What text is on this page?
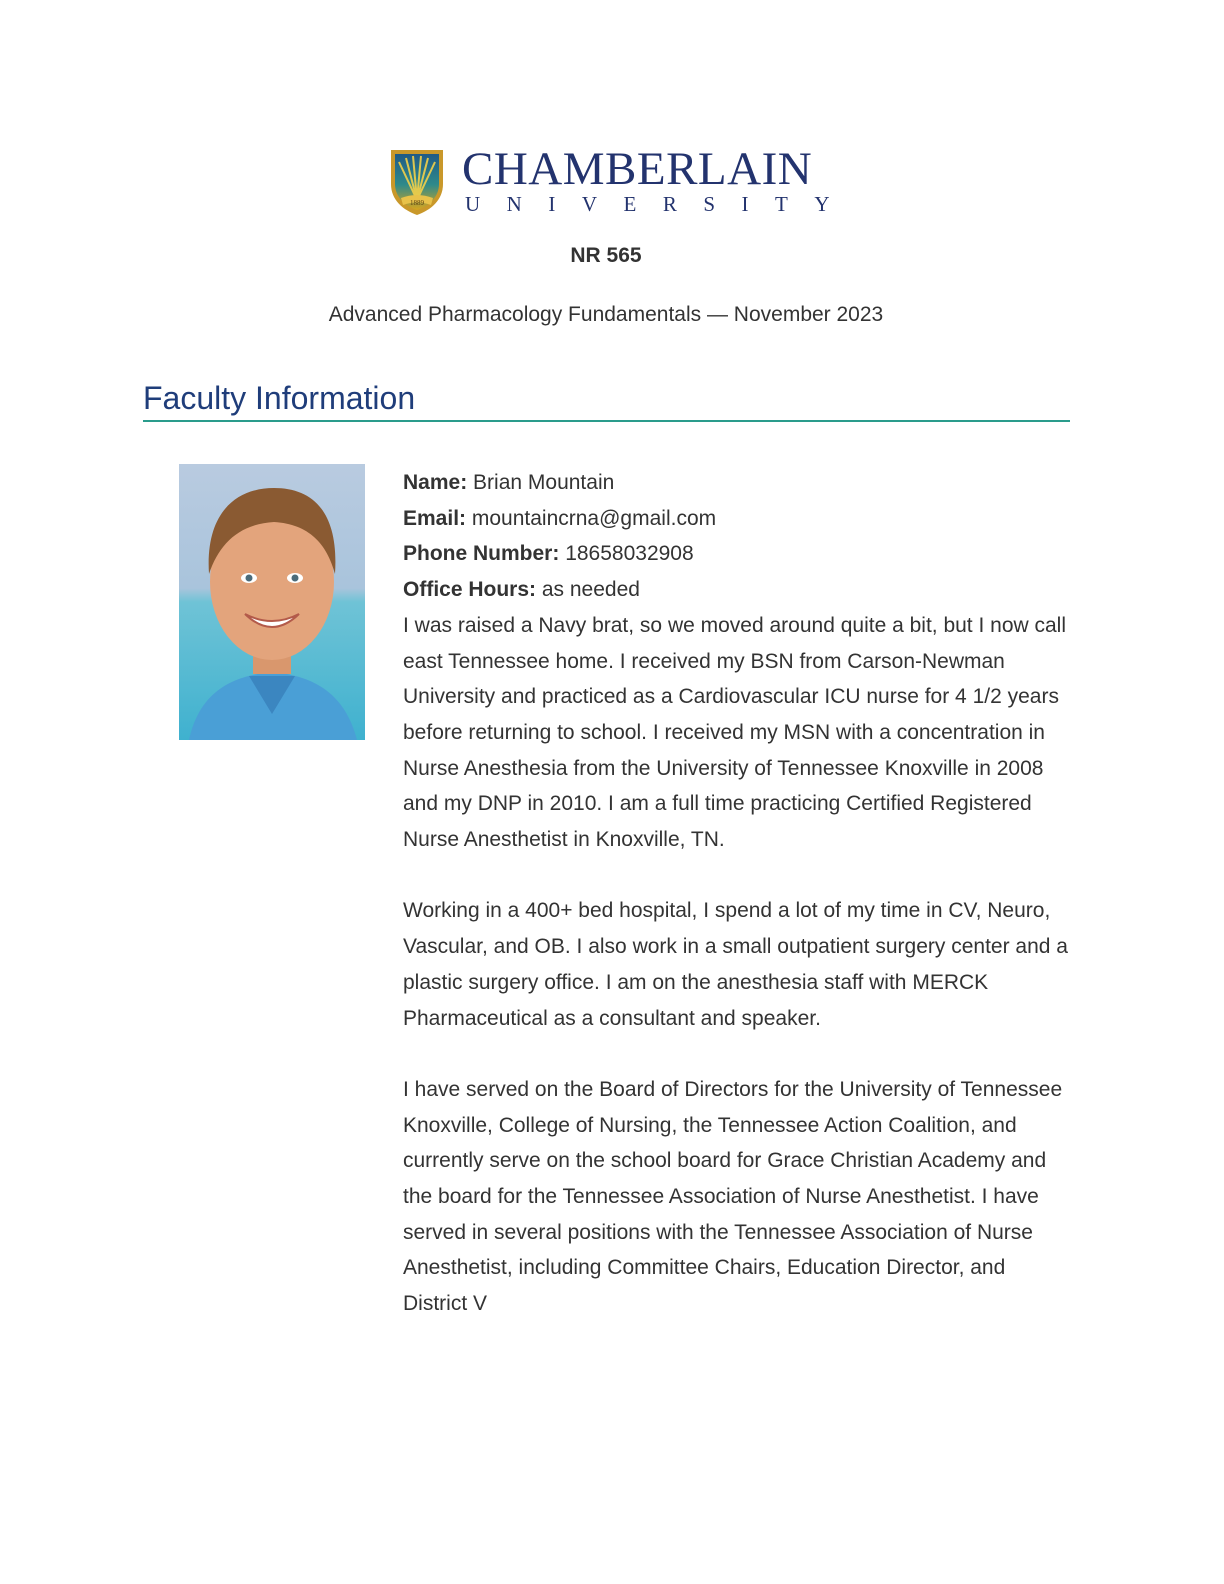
1889
CHAMBERLAIN
UNIVERSITY
NR 565
Advanced Pharmacology Fundamentals — November 2023
Faculty Information

Name: Brian Mountain

Email: mountaincrna@gmail.com

Phone Number: 18658032908

Office Hours: as needed

I was raised a Navy brat, so we moved around quite a bit, but I now call east Tennessee home. I received my BSN from Carson-Newman University and practiced as a Cardiovascular ICU nurse for 4 1/2 years before returning to school. I received my MSN with a concentration in Nurse Anesthesia from the University of Tennessee Knoxville in 2008 and my DNP in 2010. I am a full time practicing Certified Registered Nurse Anesthetist in Knoxville, TN.

Working in a 400+ bed hospital, I spend a lot of my time in CV, Neuro, Vascular, and OB. I also work in a small outpatient surgery center and a plastic surgery office. I am on the anesthesia staff with MERCK Pharmaceutical as a consultant and speaker.

I have served on the Board of Directors for the University of Tennessee Knoxville, College of Nursing, the Tennessee Action Coalition, and currently serve on the school board for Grace Christian Academy and the board for the Tennessee Association of Nurse Anesthetist. I have served in several positions with the Tennessee Association of Nurse Anesthetist, including Committee Chairs, Education Director, and District V
